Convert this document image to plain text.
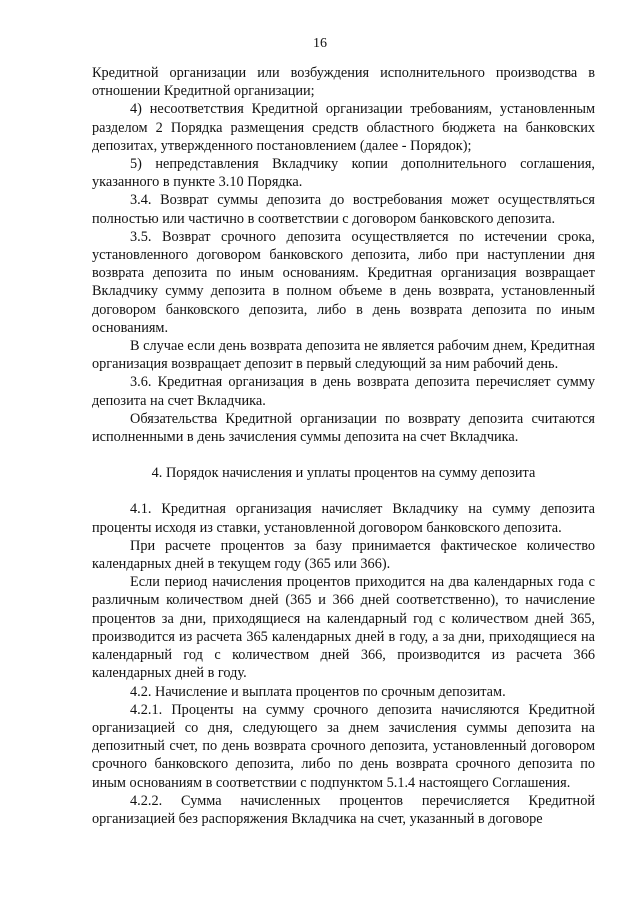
16

Кредитной организации или возбуждения исполнительного производства в отношении Кредитной организации;

4) несоответствия Кредитной организации требованиям, установленным разделом 2 Порядка размещения средств областного бюджета на банковских депозитах, утвержденного постановлением (далее - Порядок);

5) непредставления Вкладчику копии дополнительного соглашения, указанного в пункте 3.10 Порядка.

3.4. Возврат суммы депозита до востребования может осуществляться полностью или частично в соответствии с договором банковского депозита.

3.5. Возврат срочного депозита осуществляется по истечении срока, установленного договором банковского депозита, либо при наступлении дня возврата депозита по иным основаниям. Кредитная организация возвращает Вкладчику сумму депозита в полном объеме в день возврата, установленный договором банковского депозита, либо в день возврата депозита по иным основаниям.

В случае если день возврата депозита не является рабочим днем, Кредитная организация возвращает депозит в первый следующий за ним рабочий день.

3.6. Кредитная организация в день возврата депозита перечисляет сумму депозита на счет Вкладчика.

Обязательства Кредитной организации по возврату депозита считаются исполненными в день зачисления суммы депозита на счет Вкладчика.

4. Порядок начисления и уплаты процентов на сумму депозита

4.1. Кредитная организация начисляет Вкладчику на сумму депозита проценты исходя из ставки, установленной договором банковского депозита.

При расчете процентов за базу принимается фактическое количество календарных дней в текущем году (365 или 366).

Если период начисления процентов приходится на два календарных года с различным количеством дней (365 и 366 дней соответственно), то начисление процентов за дни, приходящиеся на календарный год с количеством дней 365, производится из расчета 365 календарных дней в году, а за дни, приходящиеся на календарный год с количеством дней 366, производится из расчета 366 календарных дней в году.

4.2. Начисление и выплата процентов по срочным депозитам.

4.2.1. Проценты на сумму срочного депозита начисляются Кредитной организацией со дня, следующего за днем зачисления суммы депозита на депозитный счет, по день возврата срочного депозита, установленный договором срочного банковского депозита, либо по день возврата срочного депозита по иным основаниям в соответствии с подпунктом 5.1.4 настоящего Соглашения.

4.2.2. Сумма начисленных процентов перечисляется Кредитной организацией без распоряжения Вкладчика на счет, указанный в договоре
